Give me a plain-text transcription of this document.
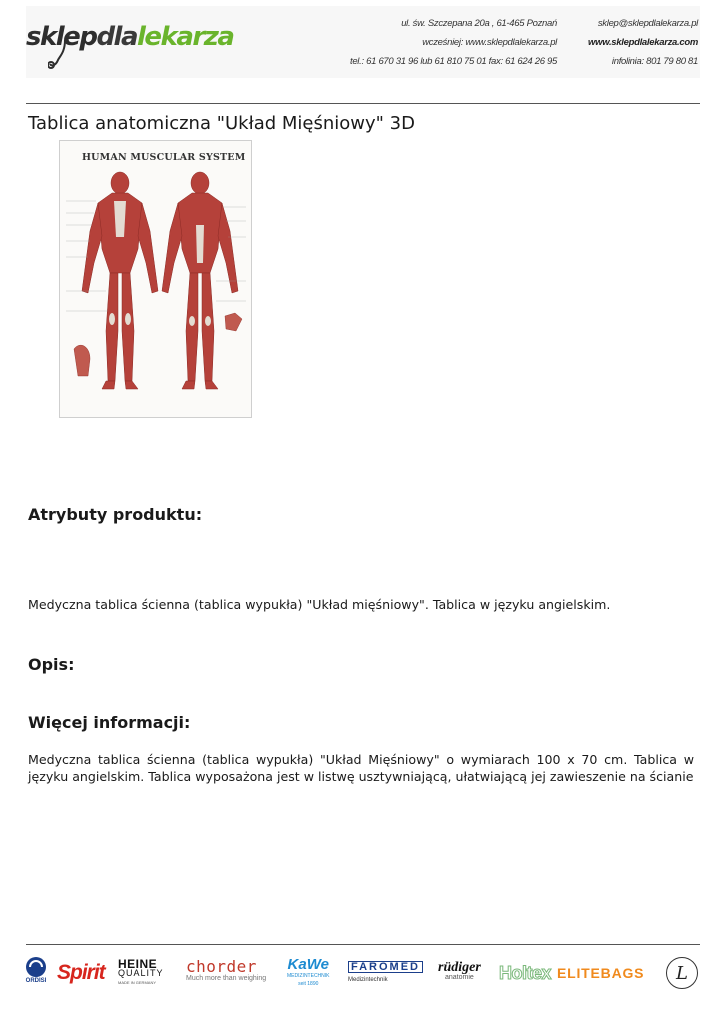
sklepdlalekarza	ul. św. Szczepana 20a , 61-465 Poznań
wcześniej: www.sklepdlalekarza.pl
tel.: 61 670 31 96 lub 61 810 75 01 fax: 61 624 26 95
sklep@sklepdlalekarza.pl
www.sklepdlalekarza.com
infolinia: 801 79 80 81
Tablica anatomiczna "Układ Mięśniowy" 3D
HUMAN MUSCULAR SYSTEM
Atrybuty produktu:
Medyczna tablica ścienna (tablica wypukła) "Układ mięśniowy". Tablica w języku angielskim.
Opis:
Więcej informacji:
Medyczna tablica ścienna (tablica wypukła) "Układ Mięśniowy" o wymiarach 100 x 70 cm. Tablica w języku angielskim. Tablica wyposażona jest w listwę usztywniającą, ułatwiającą jej zawieszenie na ścianie
ORDISI Spirit HEINE
QUALITY
MADE IN GERMANY
chorder
Much more than weighing
KaWe
MEDIZINTECHNIK
seit 1890
FAROMED
Medizintechnik
rüdiger
anatomie Holtex ELITEBAGS L
